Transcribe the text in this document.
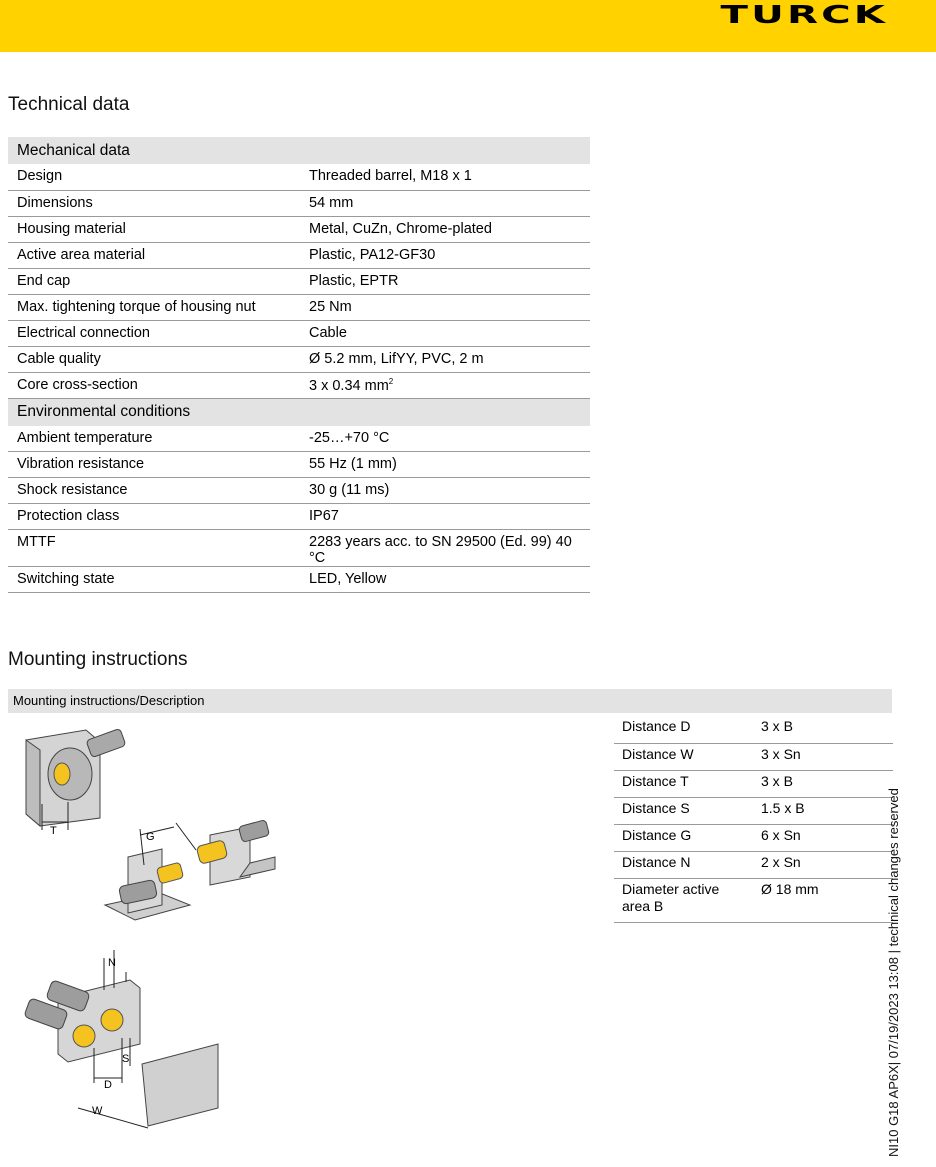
TURCK
Technical data
Mechanical data	
Design	Threaded barrel, M18 x 1
Dimensions	54 mm
Housing material	Metal, CuZn, Chrome-plated
Active area material	Plastic, PA12-GF30
End cap	Plastic, EPTR
Max. tightening torque of housing nut	25 Nm
Electrical connection	Cable
Cable quality	Ø 5.2 mm, LifYY, PVC, 2 m
Core cross-section	3 x 0.34 $mm^2$
Environmental conditions	
Ambient temperature	-25…+70 °C
Vibration resistance	55 Hz (1 mm)
Shock resistance	30 g (11 ms)
Protection class	IP67
MTTF	2283 years acc. to SN 29500 (Ed. 99) 40 °C
Switching state	LED, Yellow
Mounting instructions
Mounting instructions/Description
Distance D	3 x B
Distance W	3 x Sn
Distance T	3 x B
Distance S	1.5 x B
Distance G	6 x Sn
Distance N	2 x Sn
Diameter active area B	Ø 18 mm
T	G
N
S
D
W	NI10 G18 AP6X| 07/19/2023 13:08 | technical changes reserved
